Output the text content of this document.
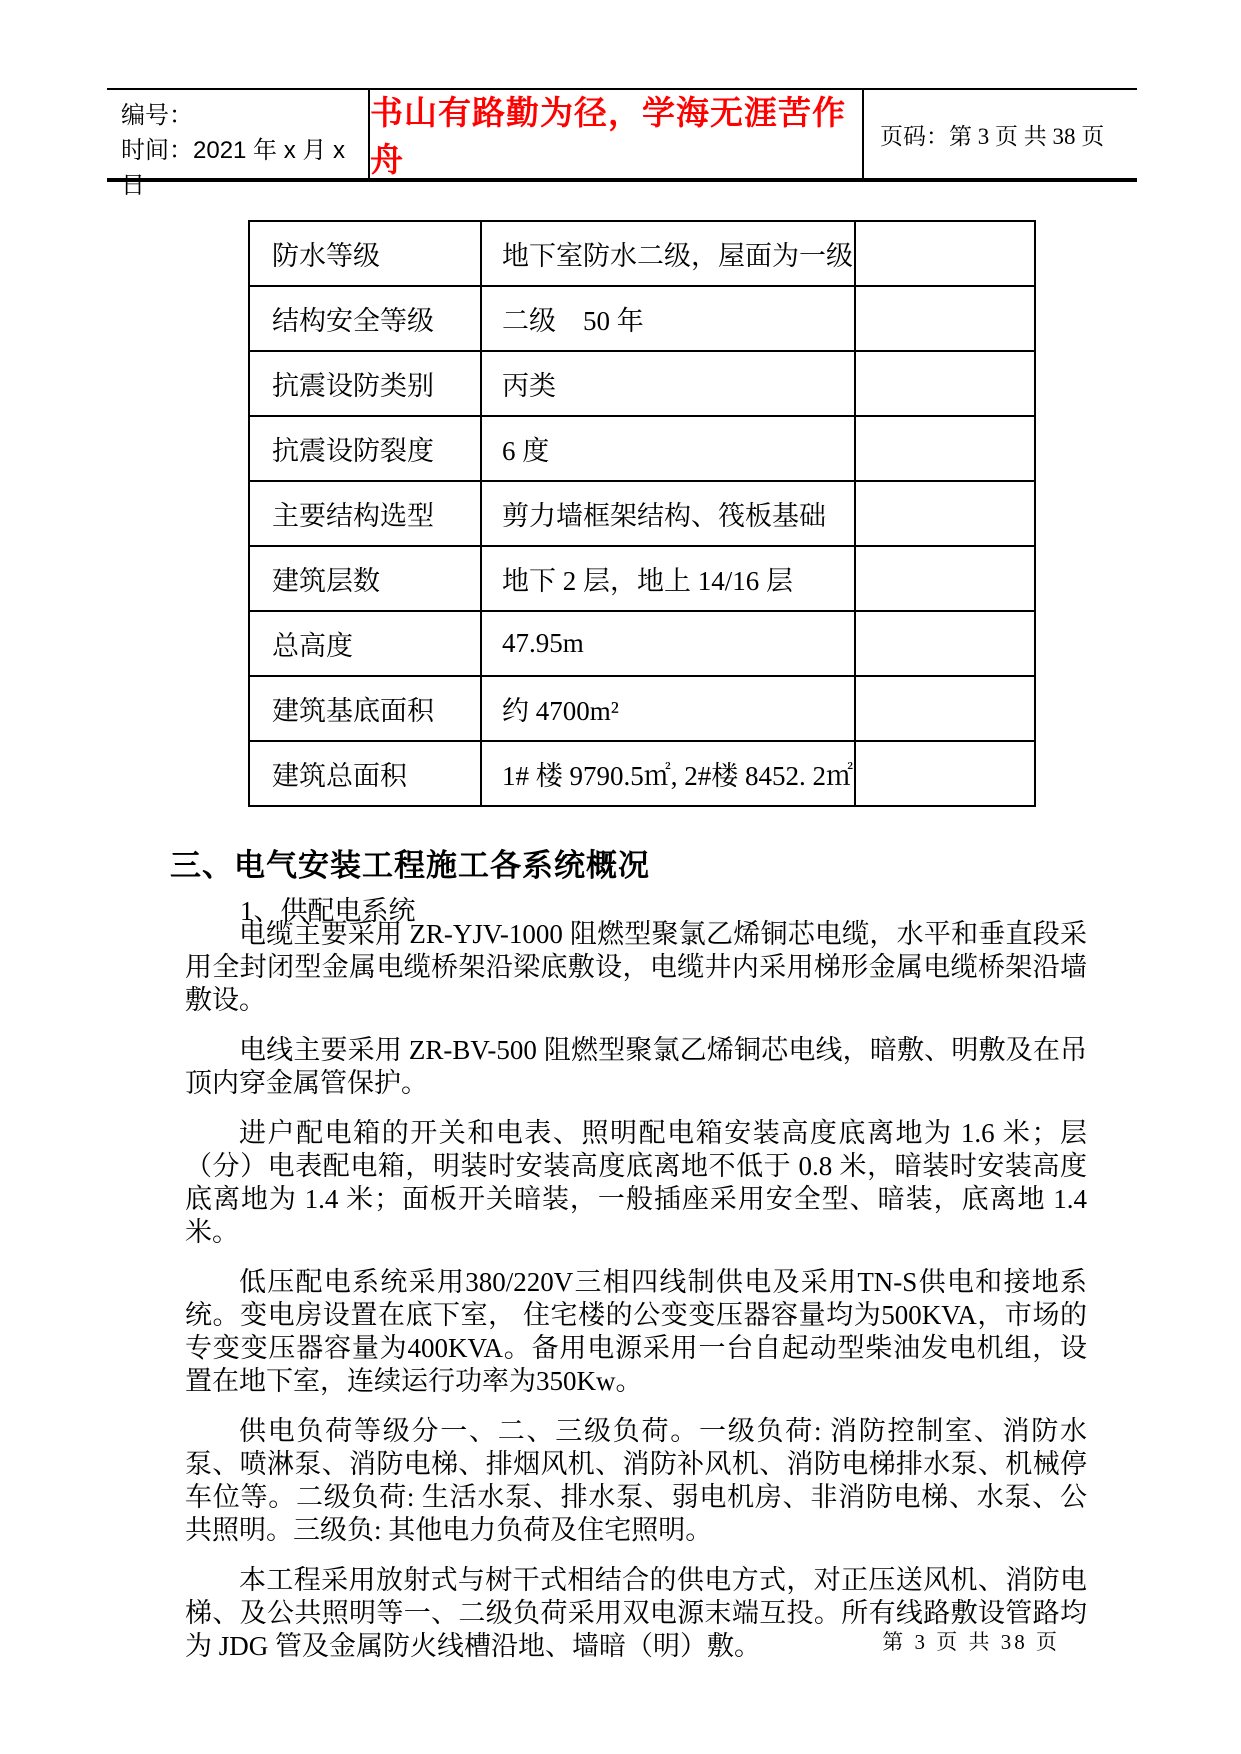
编号：
时间：2021 年 x 月 x 日
书山有路勤为径，学海无涯苦作舟
页码：第 3 页 共 38 页
防水等级	地下室防水二级，屋面为一级	
结构安全等级	二级　50 年	
抗震设防类别	丙类	
抗震设防裂度	6 度	
主要结构选型	剪力墙框架结构、筏板基础	
建筑层数	地下 2 层，地上 14/16 层	
总高度	47.95m	
建筑基底面积	约 4700m²	
建筑总面积	1# 楼 9790.5㎡, 2#楼 8452. 2㎡	
三、电气安装工程施工各系统概况
1、供配电系统

电缆主要采用 ZR-YJV-1000 阻燃型聚氯乙烯铜芯电缆，水平和垂直段采用全封闭型金属电缆桥架沿梁底敷设，电缆井内采用梯形金属电缆桥架沿墙敷设。

电线主要采用 ZR-BV-500 阻燃型聚氯乙烯铜芯电线，暗敷、明敷及在吊顶内穿金属管保护。

进户配电箱的开关和电表、照明配电箱安装高度底离地为 1.6 米；层（分）电表配电箱，明装时安装高度底离地不低于 0.8 米，暗装时安装高度底离地为 1.4 米；面板开关暗装，一般插座采用安全型、暗装，底离地 1.4 米。

低压配电系统采用380/220V三相四线制供电及采用TN-S供电和接地系统。变电房设置在底下室， 住宅楼的公变变压器容量均为500KVA，市场的专变变压器容量为400KVA。备用电源采用一台自起动型柴油发电机组，设置在地下室，连续运行功率为350Kw。

供电负荷等级分一、二、三级负荷。一级负荷: 消防控制室、消防水泵、喷淋泵、消防电梯、排烟风机、消防补风机、消防电梯排水泵、机械停车位等。二级负荷: 生活水泵、排水泵、弱电机房、非消防电梯、水泵、公共照明。三级负: 其他电力负荷及住宅照明。

本工程采用放射式与树干式相结合的供电方式，对正压送风机、消防电梯、及公共照明等一、二级负荷采用双电源末端互投。所有线路敷设管路均为 JDG 管及金属防火线槽沿地、墙暗（明）敷。	第 3 页 共 38 页
